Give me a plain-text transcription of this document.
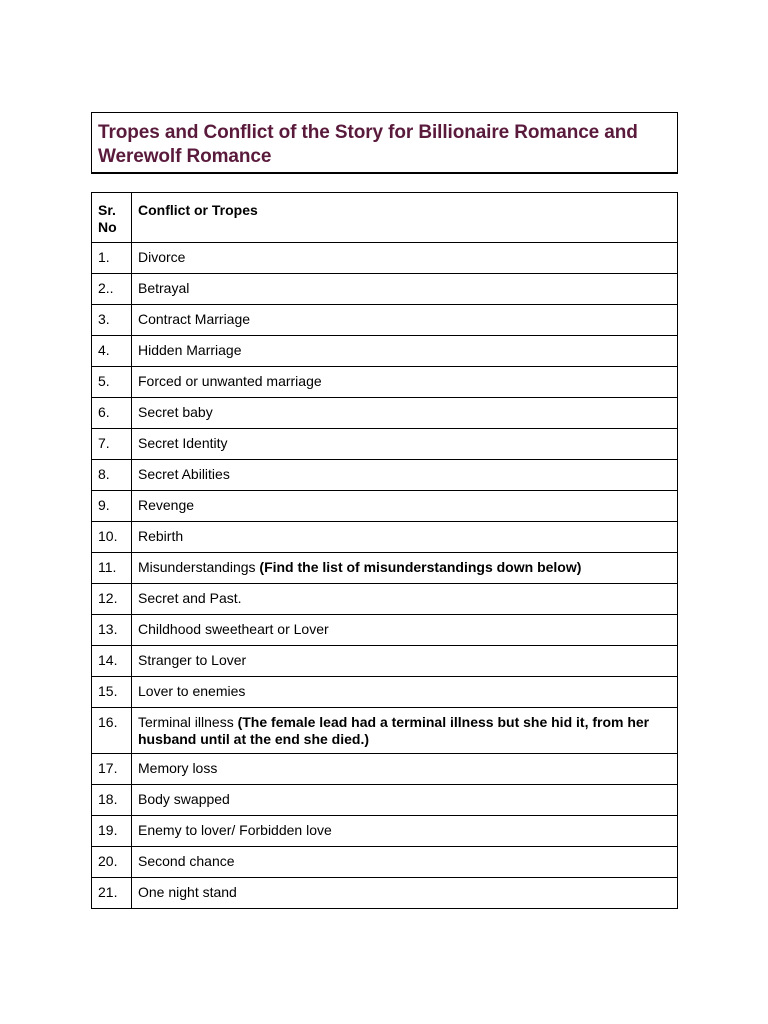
Tropes and Conflict of the Story for Billionaire Romance and Werewolf Romance
Sr. No	Conflict or Tropes
1.	Divorce
2..	Betrayal
3.	Contract Marriage
4.	Hidden Marriage
5.	Forced or unwanted marriage
6.	Secret baby
7.	Secret Identity
8.	Secret Abilities
9.	Revenge
10.	Rebirth
11.	Misunderstandings (Find the list of misunderstandings down below)
12.	Secret and Past.
13.	Childhood sweetheart or Lover
14.	Stranger to Lover
15.	Lover to enemies
16.	Terminal illness (The female lead had a terminal illness but she hid it, from her husband until at the end she died.)
17.	Memory loss
18.	Body swapped
19.	Enemy to lover/ Forbidden love
20.	Second chance
21.	One night stand
